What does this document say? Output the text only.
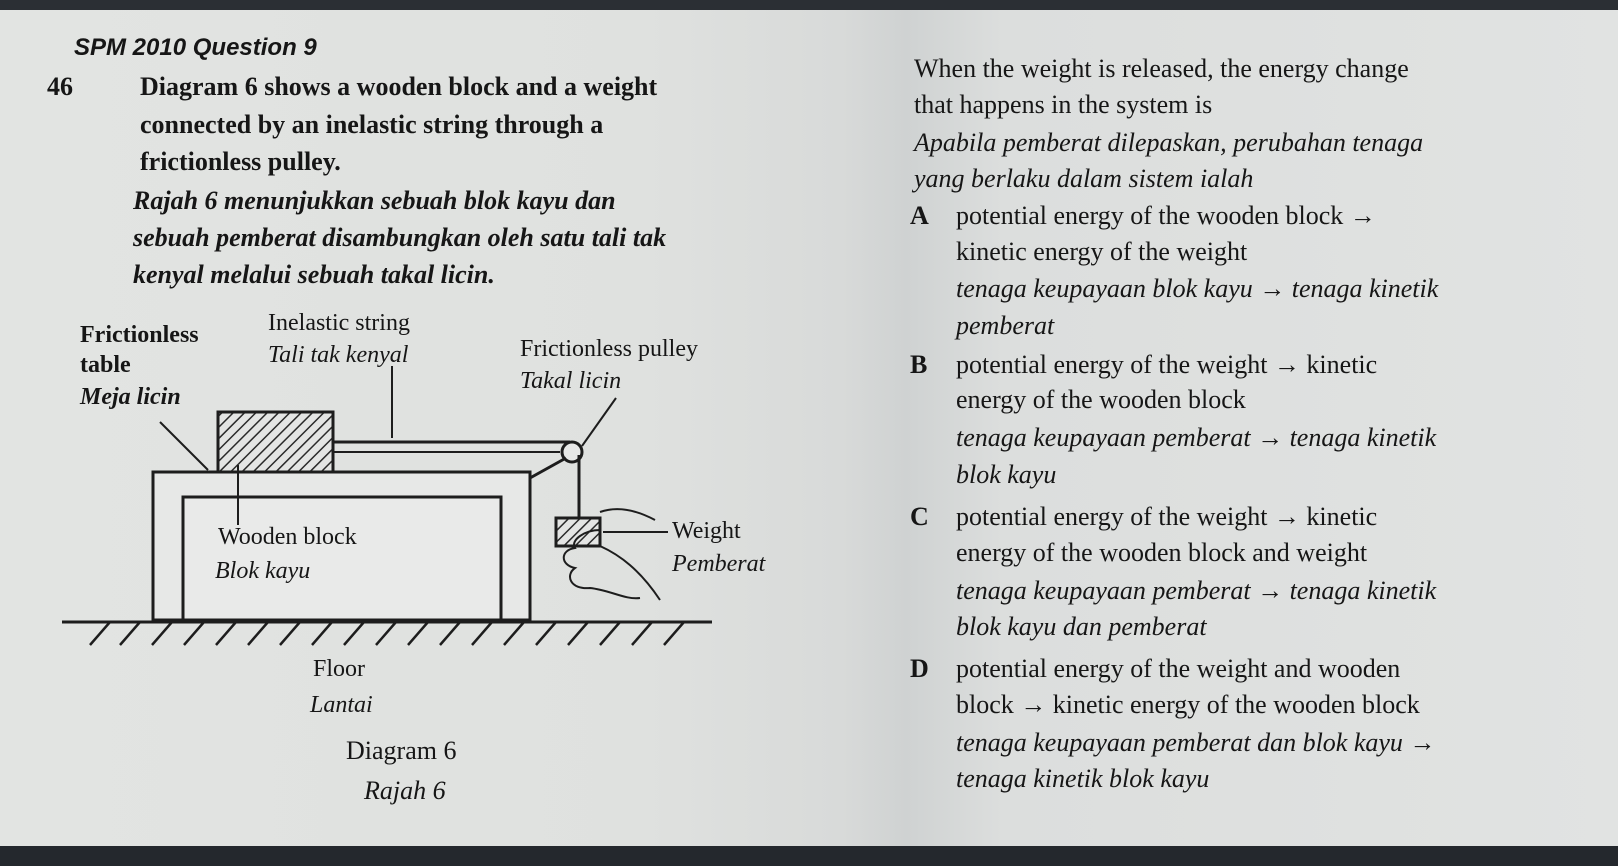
SPM 2010 Question 9
46	Diagram 6 shows a wooden block and a weight
connected by an inelastic string through a
frictionless pulley.
Rajah 6 menunjukkan sebuah blok kayu dan
sebuah pemberat disambungkan oleh satu tali tak
kenyal melalui sebuah takal licin.
Frictionless
table
Meja licin
Inelastic string
Tali tak kenyal	Frictionless pulley
Takal licin
Wooden block
Blok kayu
Weight
Pemberat
Floor
Lantai
Diagram 6
Rajah 6
When the weight is released, the energy change
that happens in the system is
Apabila pemberat dilepaskan, perubahan tenaga
yang berlaku dalam sistem ialah
A potential energy of the wooden block →
kinetic energy of the weight
tenaga keupayaan blok kayu → tenaga kinetik
pemberat
B potential energy of the weight → kinetic
energy of the wooden block
tenaga keupayaan pemberat → tenaga kinetik
blok kayu
C potential energy of the weight → kinetic
energy of the wooden block and weight
tenaga keupayaan pemberat → tenaga kinetik
blok kayu dan pemberat
D potential energy of the weight and wooden
block → kinetic energy of the wooden block
tenaga keupayaan pemberat dan blok kayu →
tenaga kinetik blok kayu
